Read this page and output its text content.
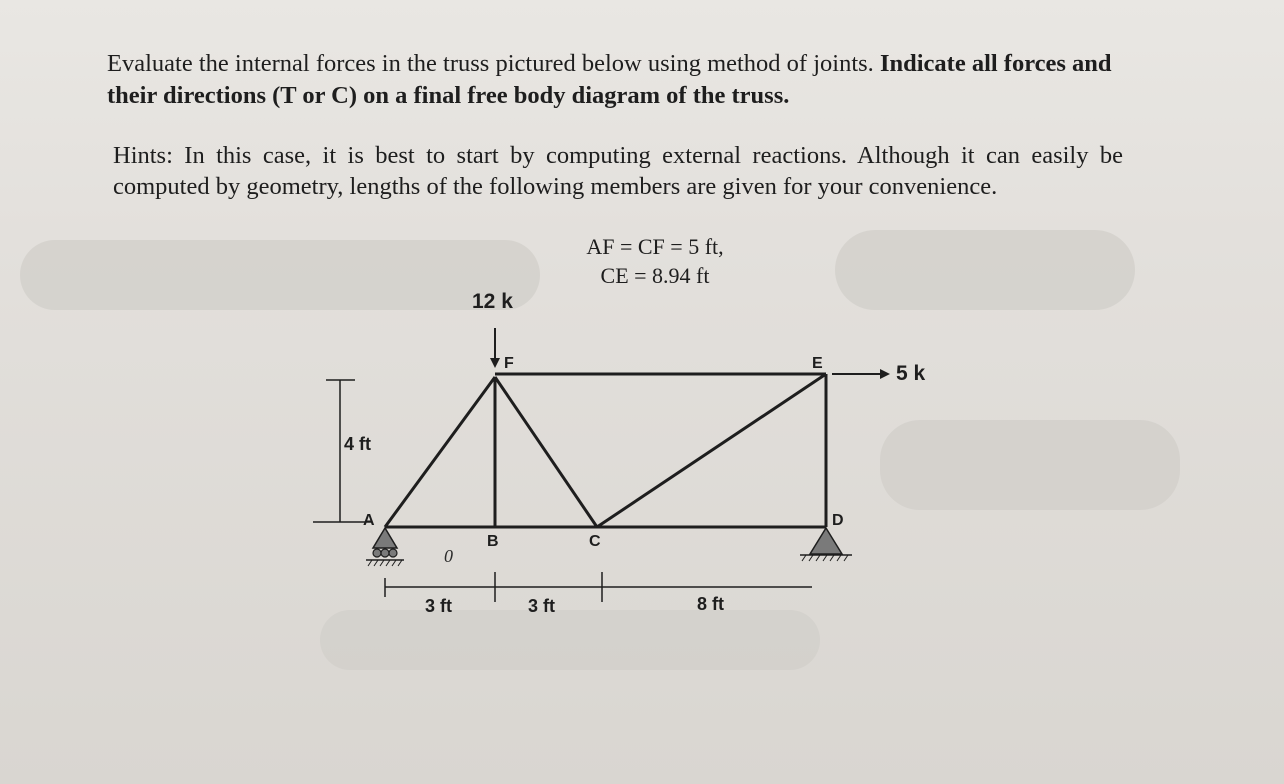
Evaluate the internal forces in the truss pictured below using method of joints. Indicate all forces and their directions (T or C) on a final free body diagram of the truss.

Hints: In this case, it is best to start by computing external reactions. Although it can easily be computed by geometry, lengths of the following members are given for your convenience.

AF = CF = 5 ft,
CE = 8.94 ft
12 k
5 k
A
B	C
D
E
F
4 ft
3 ft	3 ft	8 ft
0
